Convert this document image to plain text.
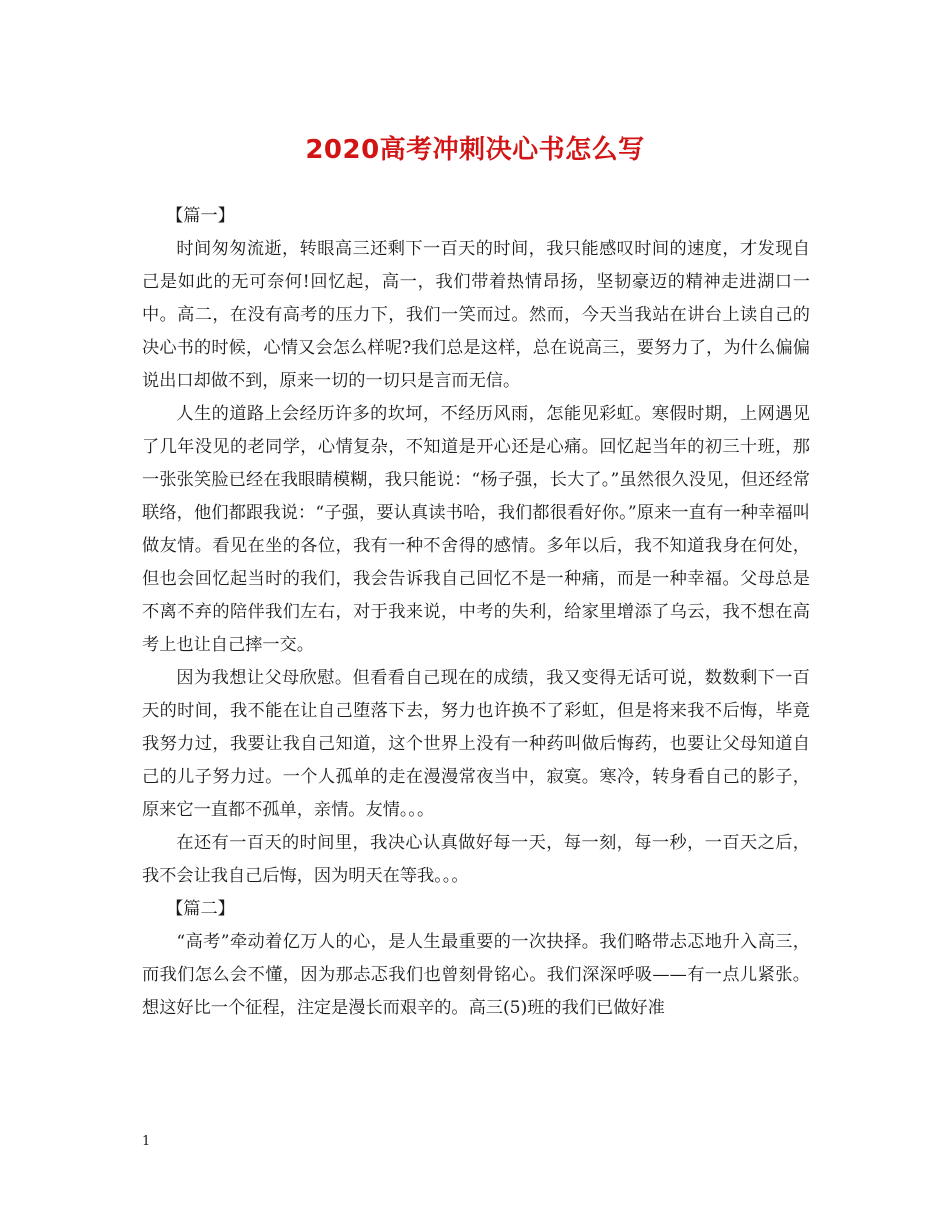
2020高考冲刺决心书怎么写

【篇一】

时间匆匆流逝，转眼高三还剩下一百天的时间，我只能感叹时间的速度，才发现自己是如此的无可奈何!回忆起，高一，我们带着热情昂扬，坚韧豪迈的精神走进湖口一中。高二，在没有高考的压力下，我们一笑而过。然而，今天当我站在讲台上读自己的决心书的时候，心情又会怎么样呢?我们总是这样，总在说高三，要努力了，为什么偏偏说出口却做不到，原来一切的一切只是言而无信。

人生的道路上会经历许多的坎坷，不经历风雨，怎能见彩虹。寒假时期，上网遇见了几年没见的老同学，心情复杂，不知道是开心还是心痛。回忆起当年的初三十班，那一张张笑脸已经在我眼睛模糊，我只能说：“杨子强，长大了。”虽然很久没见，但还经常联络，他们都跟我说：“子强，要认真读书哈，我们都很看好你。”原来一直有一种幸福叫做友情。看见在坐的各位，我有一种不舍得的感情。多年以后，我不知道我身在何处，但也会回忆起当时的我们，我会告诉我自己回忆不是一种痛，而是一种幸福。父母总是不离不弃的陪伴我们左右，对于我来说，中考的失利，给家里增添了乌云，我不想在高考上也让自己摔一交。

因为我想让父母欣慰。但看看自己现在的成绩，我又变得无话可说，数数剩下一百天的时间，我不能在让自己堕落下去，努力也许换不了彩虹，但是将来我不后悔，毕竟我努力过，我要让我自己知道，这个世界上没有一种药叫做后悔药，也要让父母知道自己的儿子努力过。一个人孤单的走在漫漫常夜当中，寂寞。寒冷，转身看自己的影子，原来它一直都不孤单，亲情。友情。。。

在还有一百天的时间里，我决心认真做好每一天，每一刻，每一秒，一百天之后，我不会让我自己后悔，因为明天在等我。。。

【篇二】

“高考”牵动着亿万人的心，是人生最重要的一次抉择。我们略带忐忑地升入高三，而我们怎么会不懂，因为那忐忑我们也曾刻骨铭心。我们深深呼吸——有一点儿紧张。想这好比一个征程，注定是漫长而艰辛的。高三(5)班的我们已做好准

1
